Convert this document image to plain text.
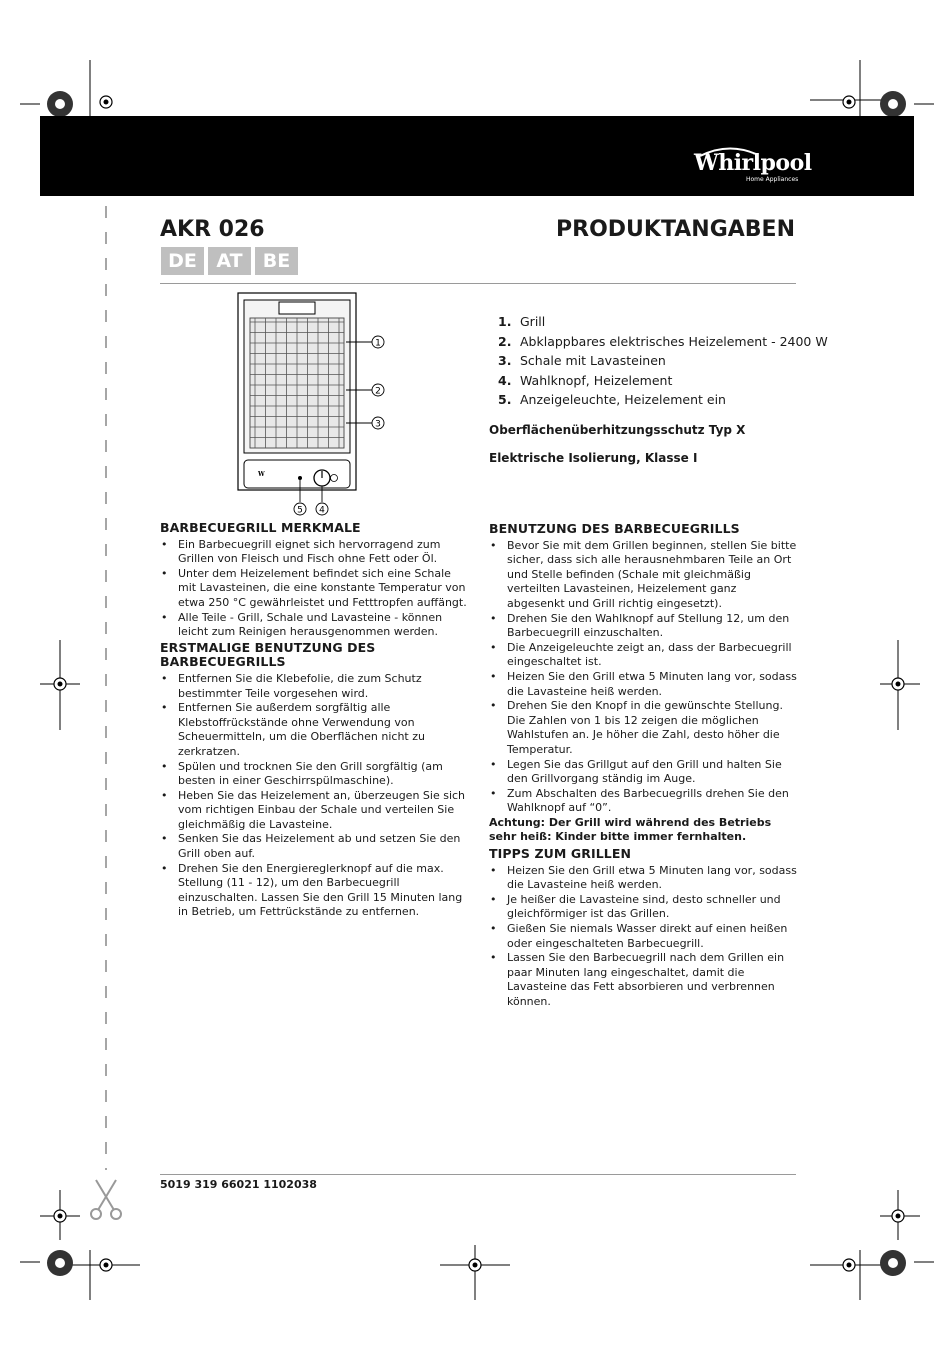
Whirlpool
Home Appliances
AKR 026	PRODUKTANGABEN
DE	AT	BE
W
1
2
3
5 4
1. Grill
2. Abklappbares elektrisches Heizelement - 2400 W
3. Schale mit Lavasteinen
4. Wahlknopf, Heizelement
5. Anzeigeleuchte, Heizelement ein
Oberflächenüberhitzungsschutz Typ X
Elektrische Isolierung, Klasse I
BARBECUEGRILL MERKMALE
• Ein Barbecuegrill eignet sich hervorragend zum Grillen von Fleisch und Fisch ohne Fett oder Öl.
• Unter dem Heizelement befindet sich eine Schale mit Lavasteinen, die eine konstante Temperatur von etwa 250 °C gewährleistet und Fetttropfen auffängt.
• Alle Teile - Grill, Schale und Lavasteine - können leicht zum Reinigen herausgenommen werden.
ERSTMALIGE BENUTZUNG DES BARBECUEGRILLS
• Entfernen Sie die Klebefolie, die zum Schutz bestimmter Teile vorgesehen wird.
• Entfernen Sie außerdem sorgfältig alle Klebstoffrückstände ohne Verwendung von Scheuermitteln, um die Oberflächen nicht zu zerkratzen.
• Spülen und trocknen Sie den Grill sorgfältig (am besten in einer Geschirrspülmaschine).
• Heben Sie das Heizelement an, überzeugen Sie sich vom richtigen Einbau der Schale und verteilen Sie gleichmäßig die Lavasteine.
• Senken Sie das Heizelement ab und setzen Sie den Grill oben auf.
• Drehen Sie den Energiereglerknopf auf die max. Stellung (11 - 12), um den Barbecuegrill einzuschalten. Lassen Sie den Grill 15 Minuten lang in Betrieb, um Fettrückstände zu entfernen.
BENUTZUNG DES BARBECUEGRILLS
• Bevor Sie mit dem Grillen beginnen, stellen Sie bitte sicher, dass sich alle herausnehmbaren Teile an Ort und Stelle befinden (Schale mit gleichmäßig verteilten Lavasteinen, Heizelement ganz abgesenkt und Grill richtig eingesetzt).
• Drehen Sie den Wahlknopf auf Stellung 12, um den Barbecuegrill einzuschalten.
• Die Anzeigeleuchte zeigt an, dass der Barbecuegrill eingeschaltet ist.
• Heizen Sie den Grill etwa 5 Minuten lang vor, sodass die Lavasteine heiß werden.
• Drehen Sie den Knopf in die gewünschte Stellung. Die Zahlen von 1 bis 12 zeigen die möglichen Wahlstufen an. Je höher die Zahl, desto höher die Temperatur.
• Legen Sie das Grillgut auf den Grill und halten Sie den Grillvorgang ständig im Auge.
• Zum Abschalten des Barbecuegrills drehen Sie den Wahlknopf auf “0”.

Achtung: Der Grill wird während des Betriebs sehr heiß: Kinder bitte immer fernhalten.

TIPPS ZUM GRILLEN
• Heizen Sie den Grill etwa 5 Minuten lang vor, sodass die Lavasteine heiß werden.
• Je heißer die Lavasteine sind, desto schneller und gleichförmiger ist das Grillen.
• Gießen Sie niemals Wasser direkt auf einen heißen oder eingeschalteten Barbecuegrill.
• Lassen Sie den Barbecuegrill nach dem Grillen ein paar Minuten lang eingeschaltet, damit die Lavasteine das Fett absorbieren und verbrennen können.
5019 319 66021 1102038
